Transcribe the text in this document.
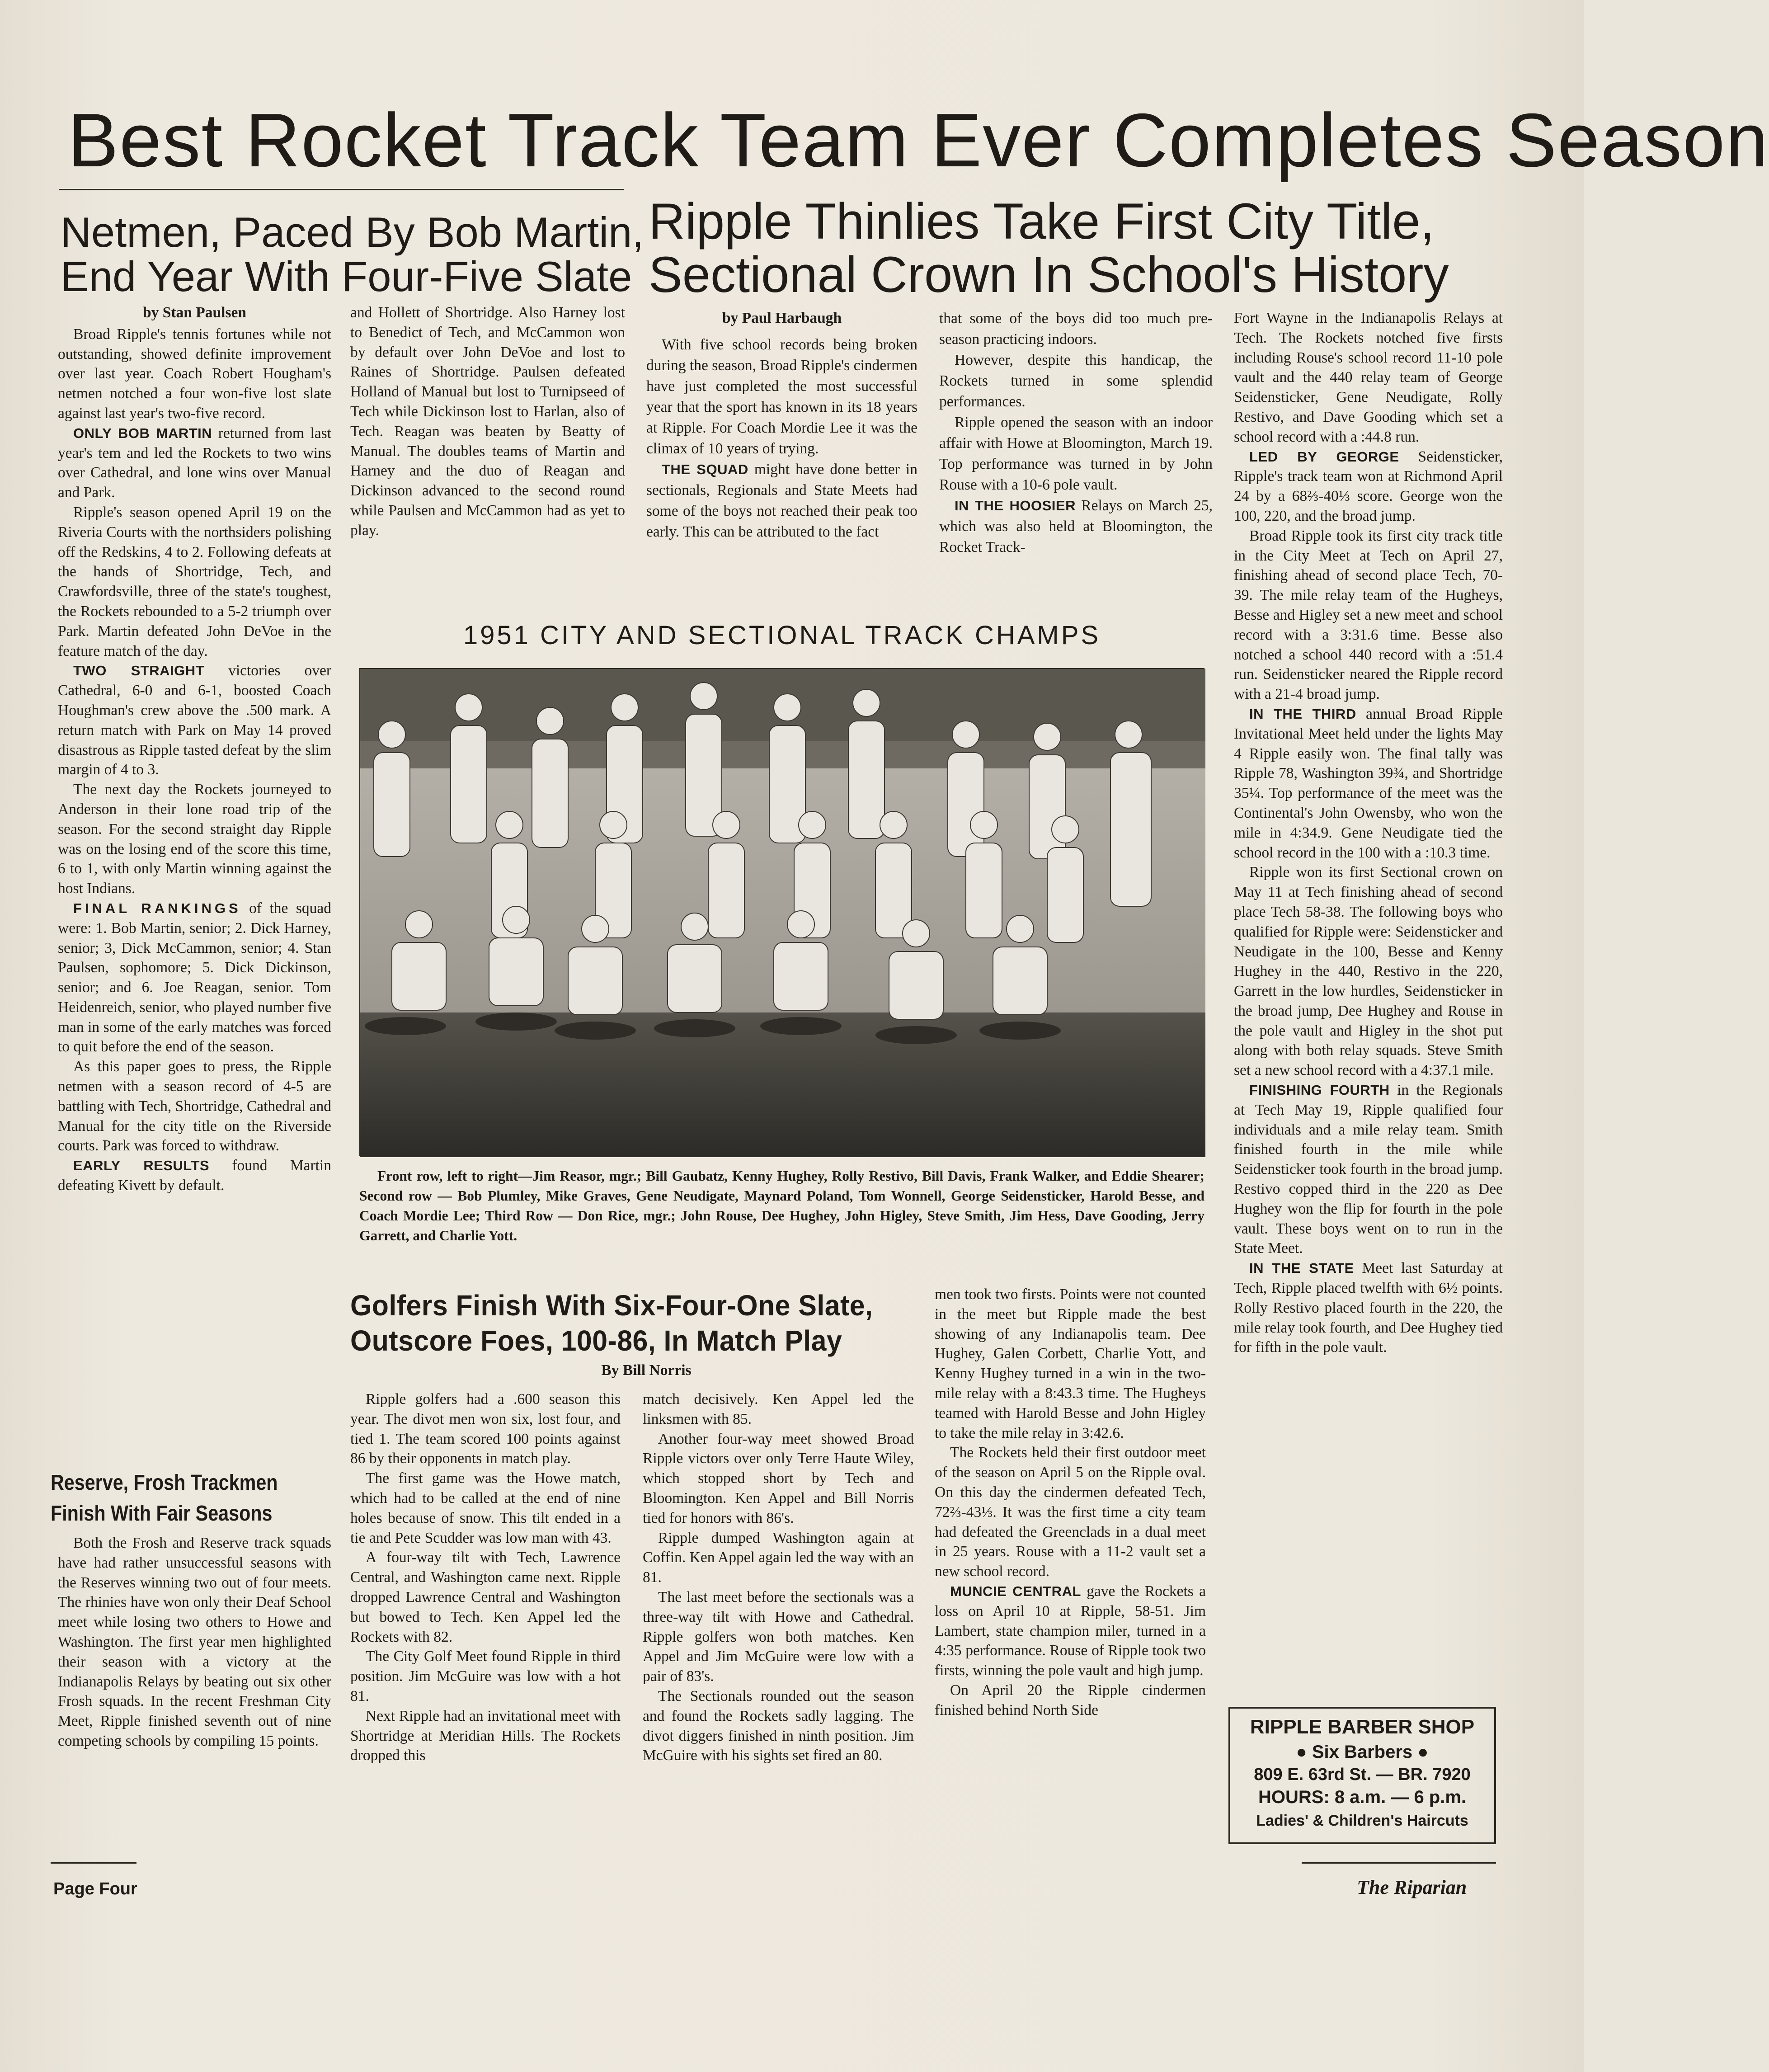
Best Rocket Track Team Ever Completes Season
Netmen, Paced By Bob Martin,
End Year With Four-Five Slate
Ripple Thinlies Take First City Title,
Sectional Crown In School's History

by Stan Paulsen

Broad Ripple's tennis fortunes while not outstanding, showed definite improvement over last year. Coach Robert Hougham's netmen notched a four won-five lost slate against last year's two-five record.

ONLY BOB MARTIN returned from last year's tem and led the Rockets to two wins over Cathedral, and lone wins over Manual and Park.

Ripple's season opened April 19 on the Riveria Courts with the northsiders polishing off the Redskins, 4 to 2. Following defeats at the hands of Shortridge, Tech, and Crawfordsville, three of the state's toughest, the Rockets rebounded to a 5-2 triumph over Park. Martin defeated John DeVoe in the feature match of the day.

TWO STRAIGHT victories over Cathedral, 6-0 and 6-1, boosted Coach Houghman's crew above the .500 mark. A return match with Park on May 14 proved disastrous as Ripple tasted defeat by the slim margin of 4 to 3.

The next day the Rockets journeyed to Anderson in their lone road trip of the season. For the second straight day Ripple was on the losing end of the score this time, 6 to 1, with only Martin winning against the host Indians.

FINAL RANKINGS of the squad were: 1. Bob Martin, senior; 2. Dick Harney, senior; 3, Dick McCammon, senior; 4. Stan Paulsen, sophomore; 5. Dick Dickinson, senior; and 6. Joe Reagan, senior. Tom Heidenreich, senior, who played number five man in some of the early matches was forced to quit before the end of the season.

As this paper goes to press, the Ripple netmen with a season record of 4-5 are battling with Tech, Shortridge, Cathedral and Manual for the city title on the Riverside courts. Park was forced to withdraw.

EARLY RESULTS found Martin defeating Kivett by default.

and Hollett of Shortridge. Also Harney lost to Benedict of Tech, and McCammon won by default over John DeVoe and lost to Raines of Shortridge. Paulsen defeated Holland of Manual but lost to Turnipseed of Tech while Dickinson lost to Harlan, also of Tech. Reagan was beaten by Beatty of Manual. The doubles teams of Martin and Harney and the duo of Reagan and Dickinson advanced to the second round while Paulsen and McCammon had as yet to play.

by Paul Harbaugh

With five school records being broken during the season, Broad Ripple's cindermen have just completed the most successful year that the sport has known in its 18 years at Ripple. For Coach Mordie Lee it was the climax of 10 years of trying.

THE SQUAD might have done better in sectionals, Regionals and State Meets had some of the boys not reached their peak too early. This can be attributed to the fact

that some of the boys did too much pre-season practicing indoors.

However, despite this handicap, the Rockets turned in some splendid performances.

Ripple opened the season with an indoor affair with Howe at Bloomington, March 19. Top performance was turned in by John Rouse with a 10-6 pole vault.

IN THE HOOSIER Relays on March 25, which was also held at Bloomington, the Rocket Track-

Fort Wayne in the Indianapolis Relays at Tech. The Rockets notched five firsts including Rouse's school record 11-10 pole vault and the 440 relay team of George Seidensticker, Gene Neudigate, Rolly Restivo, and Dave Gooding which set a school record with a :44.8 run.

LED BY GEORGE Seidensticker, Ripple's track team won at Richmond April 24 by a 68⅔-40⅓ score. George won the 100, 220, and the broad jump.

Broad Ripple took its first city track title in the City Meet at Tech on April 27, finishing ahead of second place Tech, 70-39. The mile relay team of the Hugheys, Besse and Higley set a new meet and school record with a 3:31.6 time. Besse also notched a school 440 record with a :51.4 run. Seidensticker neared the Ripple record with a 21-4 broad jump.

IN THE THIRD annual Broad Ripple Invitational Meet held under the lights May 4 Ripple easily won. The final tally was Ripple 78, Washington 39¾, and Shortridge 35¼. Top performance of the meet was the Continental's John Owensby, who won the mile in 4:34.9. Gene Neudigate tied the school record in the 100 with a :10.3 time.

Ripple won its first Sectional crown on May 11 at Tech finishing ahead of second place Tech 58-38. The following boys who qualified for Ripple were: Seidensticker and Neudigate in the 100, Besse and Kenny Hughey in the 440, Restivo in the 220, Garrett in the low hurdles, Seidensticker in the broad jump, Dee Hughey and Rouse in the pole vault and Higley in the shot put along with both relay squads. Steve Smith set a new school record with a 4:37.1 mile.

FINISHING FOURTH in the Regionals at Tech May 19, Ripple qualified four individuals and a mile relay team. Smith finished fourth in the mile while Seidensticker took fourth in the broad jump. Restivo copped third in the 220 as Dee Hughey won the flip for fourth in the pole vault. These boys went on to run in the State Meet.

IN THE STATE Meet last Saturday at Tech, Ripple placed twelfth with 6½ points. Rolly Restivo placed fourth in the 220, the mile relay took fourth, and Dee Hughey tied for fifth in the pole vault.

1951 CITY AND SECTIONAL TRACK CHAMPS
Front row, left to right—Jim Reasor, mgr.; Bill Gaubatz, Kenny Hughey, Rolly Restivo, Bill Davis, Frank Walker, and Eddie Shearer; Second row — Bob Plumley, Mike Graves, Gene Neudigate, Maynard Poland, Tom Wonnell, George Seidensticker, Harold Besse, and Coach Mordie Lee; Third Row — Don Rice, mgr.; John Rouse, Dee Hughey, John Higley, Steve Smith, Jim Hess, Dave Gooding, Jerry Garrett, and Charlie Yott.
Reserve, Frosh Trackmen
Finish With Fair Seasons

Both the Frosh and Reserve track squads have had rather unsuccessful seasons with the Reserves winning two out of four meets. The rhinies have won only their Deaf School meet while losing two others to Howe and Washington. The first year men highlighted their season with a victory at the Indianapolis Relays by beating out six other Frosh squads. In the recent Freshman City Meet, Ripple finished seventh out of nine competing schools by compiling 15 points.

Golfers Finish With Six-Four-One Slate,
Outscore Foes, 100-86, In Match Play

By Bill Norris

Ripple golfers had a .600 season this year. The divot men won six, lost four, and tied 1. The team scored 100 points against 86 by their opponents in match play.

The first game was the Howe match, which had to be called at the end of nine holes because of snow. This tilt ended in a tie and Pete Scudder was low man with 43.

A four-way tilt with Tech, Lawrence Central, and Washington came next. Ripple dropped Lawrence Central and Washington but bowed to Tech. Ken Appel led the Rockets with 82.

The City Golf Meet found Ripple in third position. Jim McGuire was low with a hot 81.

Next Ripple had an invitational meet with Shortridge at Meridian Hills. The Rockets dropped this

match decisively. Ken Appel led the linksmen with 85.

Another four-way meet showed Broad Ripple victors over only Terre Haute Wiley, which stopped short by Tech and Bloomington. Ken Appel and Bill Norris tied for honors with 86's.

Ripple dumped Washington again at Coffin. Ken Appel again led the way with an 81.

The last meet before the sectionals was a three-way tilt with Howe and Cathedral. Ripple golfers won both matches. Ken Appel and Jim McGuire were low with a pair of 83's.

The Sectionals rounded out the season and found the Rockets sadly lagging. The divot diggers finished in ninth position. Jim McGuire with his sights set fired an 80.

men took two firsts. Points were not counted in the meet but Ripple made the best showing of any Indianapolis team. Dee Hughey, Galen Corbett, Charlie Yott, and Kenny Hughey turned in a win in the two-mile relay with a 8:43.3 time. The Hugheys teamed with Harold Besse and John Higley to take the mile relay in 3:42.6.

The Rockets held their first outdoor meet of the season on April 5 on the Ripple oval. On this day the cindermen defeated Tech, 72⅔-43⅓. It was the first time a city team had defeated the Greenclads in a dual meet in 25 years. Rouse with a 11-2 vault set a new school record.

MUNCIE CENTRAL gave the Rockets a loss on April 10 at Ripple, 58-51. Jim Lambert, state champion miler, turned in a 4:35 performance. Rouse of Ripple took two firsts, winning the pole vault and high jump.

On April 20 the Ripple cindermen finished behind North Side

RIPPLE BARBER SHOP
● Six Barbers ●
809 E. 63rd St. — BR. 7920
HOURS: 8 a.m. — 6 p.m.
Ladies' & Children's Haircuts
Page Four	The Riparian
